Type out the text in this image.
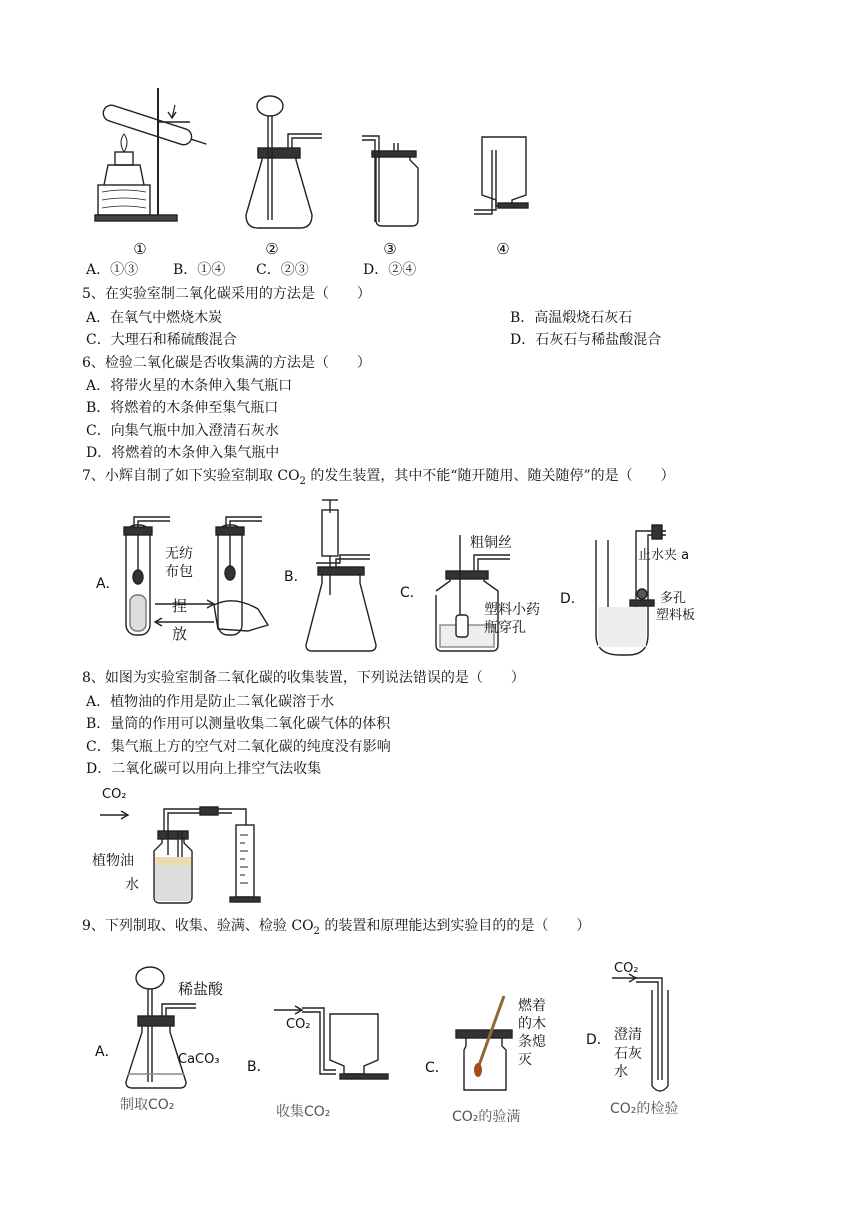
①	②	③	④
A．①③ B．①④ C．②③	D．②④
5、在实验室制二氧化碳采用的方法是（　　）
A．在氧气中燃烧木炭	B．高温煅烧石灰石
C．大理石和稀硫酸混合	D．石灰石与稀盐酸混合
6、检验二氧化碳是否收集满的方法是（　　）
A．将带火星的木条伸入集气瓶口
B．将燃着的木条伸至集气瓶口
C．向集气瓶中加入澄清石灰水
D．将燃着的木条伸入集气瓶中
7、小辉自制了如下实验室制取 $CO_2$ 的发生装置，其中不能“随开随用、随关随停”的是（　　）
A．
无纺
布包
捏
放
B．
C．
粗铜丝
塑料小药
瓶穿孔
D．
止水夹 a
多孔
塑料板
8、如图为实验室制备二氧化碳的收集装置，下列说法错误的是（　　）
A．植物油的作用是防止二氧化碳溶于水
B．量筒的作用可以测量收集二氧化碳气体的体积
C．集气瓶上方的空气对二氧化碳的纯度没有影响
D．二氧化碳可以用向上排空气法收集
CO₂
植物油
水
9、下列制取、收集、验满、检验 $CO_2$ 的装置和原理能达到实验目的的是（　　）
A．
稀盐酸
CaCO₃
制取CO₂
B．
CO₂
收集CO₂
C．
燃着
的木
条熄
灭
CO₂的验满
D．
CO₂
澄清
石灰
水
CO₂的检验
